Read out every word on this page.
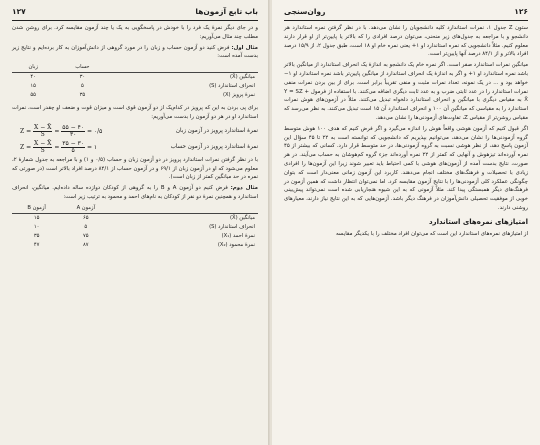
باب تابع آزمون‌ها
۱۲۷

و در جای دیگر نمرهٔ یک فرد را با خودش در پاسخگویی به یک یا چند آزمون مقایسه کرد. برای روشن شدن مطلب چند مثال می‌آوریم:

مثال اول: فرض کنید دو آزمون حساب و زبان را در مورد گروهی از دانش‌آموزان به کار برده‌ایم و نتایج زیر بدست آمده است:

	حساب	زبان
میانگین (X̄)	۳۰	۴۰
انحراف استاندارد (S)	۵	۱۵
نمرهٔ پرویز (X)	۳۵	۵۵

برای پی بردن به این که پرویز در کدام‌یک از دو آزمون قوی است و میزان قوت و ضعف او چقدر است، نمرات استاندارد او در هر دو آزمون را بدست می‌آوریم:

نمرهٔ استاندارد پرویز در آزمون زبان
$Z = \frac{X - X̄}{S} = \frac{۵۵ - ۴۰}{۳۰}$ = ۰/۵
نمرهٔ استاندارد پرویز در آزمون حساب
$Z = \frac{X - X̄}{S} = \frac{۳۵ - ۳۰}{۵}$ = ۱

با در نظر گرفتن نمرات استاندارد پرویز در دو آزمون زبان و حساب (۰/۵ و ۱) و با مراجعه به جدول شمارهٔ ۲، معلوم می‌شود که او در آزمون زبان از ۶۹/۱ و در آزمون حساب از ۸۴/۱ درصد افراد بالاتر است (در صورتی که نمره در حد میانگین کمتر از زبان است).

مثال دوم: فرض کنیم دو آزمون A و B را به گروهی از کودکان دوازده ساله داده‌ایم. میانگین، انحراف استاندارد و همچنین نمرهٔ دو نفر از کودکان به نام‌های احمد و محمود به ترتیب زیر است:

	آزمون A	آزمون B
میانگین (X̄)	۶۵	۱۵
انحراف استاندارد (S)	۵	۱۰
نمرهٔ احمد (X₁)	۷۵	۳۵
نمرهٔ محمود (X₂)	۸۷	۴۷
۱۲۶
روان‌سنجی

ستون Z جدول ۱، نمرات استاندارد کلیه دانشجویان را نشان می‌دهد. با در نظر گرفتن نمره استاندارد هر دانشجو و با مراجعه به جدول‌های زیر منحنی، می‌توان درصد افرادی را که بالاتر یا پایین‌تر از او قرار دارند معلوم کنیم. مثلاً دانشجویی که نمره استاندارد او ۱+ یعنی نمره خام او ۱۸ است، طبق جدول ۲، از ۱۵/۹ درصد افراد بالاتر و از ۸۴/۱ درصد آنها پایین‌تر است.

میانگین نمرات استاندارد صفر است. اگر نمره خام یک دانشجو به اندازهٔ یک انحراف استاندارد از میانگین بالاتر باشد نمره استاندارد او ۱+ و اگر به اندازهٔ یک انحراف استاندارد از میانگین پایین‌تر باشد نمره استاندارد او ۱− خواهد بود و ... در یک نمونه، تعداد نمرات مثبت و منفی تقریباً برابر است. برای از بین بردن نمرات منفی نمرات استاندارد را در عدد ثابتی ضرب و به عدد ثابت دیگری اضافه می‌کنند. با استفاده از فرمول Y = SZ + X̄ به مقیاس دیگری با میانگین و انحراف استاندارد دلخواه تبدیل می‌کنند. مثلاً در آزمون‌های هوش نمرات استاندارد را به مقیاسی که میانگین آن ۱۰۰ و انحراف استاندارد آن ۱۵ است تبدیل می‌کنند. به نظر می‌رسد که مقیاس روشن‌تر از مقیاس Z، تفاوت‌های آزمودنی‌ها را نشان می‌دهد.

اگر قبول کنیم که آزمون هوشی واقعاً هوش را اندازه می‌گیرد و اگر فرض کنیم که هدف ۱۰۰ هوش متوسط گروه آزمودنی‌ها را نشان می‌دهد، می‌توانیم بپذیریم که دانشجویی که توانسته است به ۲۲ تا ۴۵ سؤال این آزمون پاسخ دهد، از نظر هوشی نسبت به گروه آزمودنی‌ها، در حد متوسط قرار دارد. کسانی که بیشتر از ۴۵ نمره آورده‌اند تیزهوش و آنهایی که کمتر از ۲۲ نمره آورده‌اند جزء گروه کم‌هوشان به حساب می‌آیند. در هر صورت، نتایج بدست آمده از آزمون‌های هوشی با کمی احتیاط باید تعبیر شوند زیرا این آزمون‌ها را افرادی زیادی با تحصیلات و فرهنگ‌های مختلف انجام می‌دهند. کاربرد این آزمون زمانی معنی‌دار است که بتوان چگونگی عملکرد کلی آزمودنی‌ها را با نتایج آزمون مقایسه کرد. اما نمی‌توان انتظار داشت که همین آزمون در فرهنگ‌های دیگر همبستگی پیدا کند. مثلاً آزمونی که به این شیوه هنجاریابی شده است نمی‌تواند پیش‌بینی خوبی از موفقیت تحصیلی دانش‌آموزان در فرهنگ دیگر باشد. آزمون‌هایی که به این نتایج نیاز دارند، معیارهای روشنی دارند.

امتیازهای نمره‌های استاندارد

از امتیازهای نمره‌های استاندارد این است که می‌توان افراد مختلف را با یکدیگر مقایسه
